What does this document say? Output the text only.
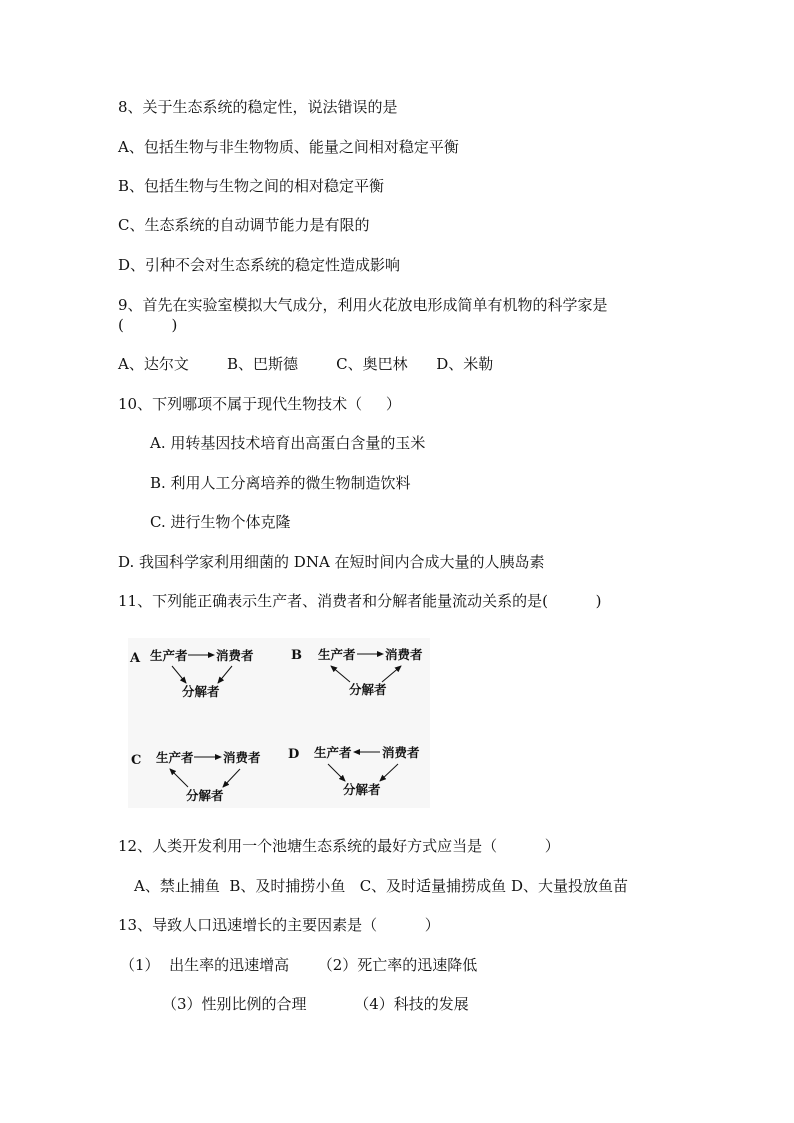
8、关于生态系统的稳定性，说法错误的是
A、包括生物与非生物物质、能量之间相对稳定平衡
B、包括生物与生物之间的相对稳定平衡
C、生态系统的自动调节能力是有限的
D、引种不会对生态系统的稳定性造成影响
9、首先在实验室模拟大气成分，利用火花放电形成简单有机物的科学家是
(          )
A、达尔文        B、巴斯德        C、奥巴林      D、米勒
10、下列哪项不属于现代生物技术（     ）
A. 用转基因技术培育出高蛋白含量的玉米
B. 利用人工分离培养的微生物制造饮料
C. 进行生物个体克隆
D. 我国科学家利用细菌的 DNA 在短时间内合成大量的人胰岛素
11、下列能正确表示生产者、消费者和分解者能量流动关系的是(          )
A 生产者 消费者
分解者
B 生产者 消费者
分解者
C 生产者 消费者
分解者
D 生产者 消费者
分解者
12、人类开发利用一个池塘生态系统的最好方式应当是（          ）
A、禁止捕鱼  B、及时捕捞小鱼   C、及时适量捕捞成鱼 D、大量投放鱼苗
13、导致人口迅速增长的主要因素是（          ）
（1）  出生率的迅速增高      （2）死亡率的迅速降低
（3）性别比例的合理          （4）科技的发展
